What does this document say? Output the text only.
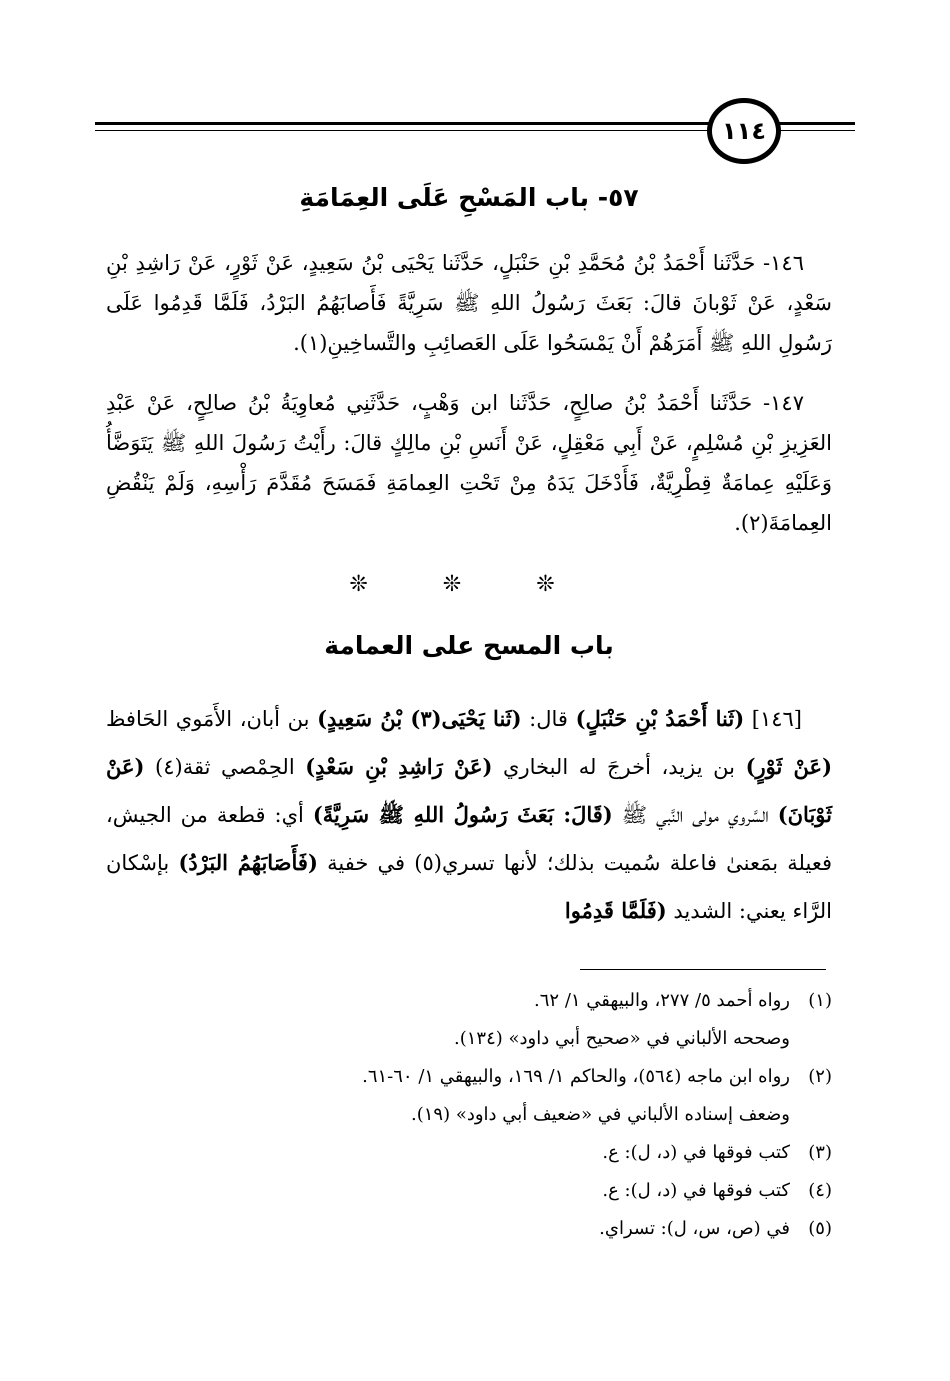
١١٤
٥٧- باب المَسْحِ عَلَى العِمَامَةِ

١٤٦- حَدَّثَنا أَحْمَدُ بْنُ مُحَمَّدِ بْنِ حَنْبَلٍ، حَدَّثَنا يَحْيَى بْنُ سَعِيدٍ، عَنْ ثَوْرٍ، عَنْ رَاشِدِ بْنِ سَعْدٍ، عَنْ ثَوْبانَ قالَ: بَعَثَ رَسُولُ اللهِ ﷺ سَرِيَّةً فَأَصابَهُمُ البَرْدُ، فَلَمَّا قَدِمُوا عَلَى رَسُولِ اللهِ ﷺ أَمَرَهُمْ أَنْ يَمْسَحُوا عَلَى العَصائِبِ والتَّساخِينِ(١).

١٤٧- حَدَّثَنا أَحْمَدُ بْنُ صالِحٍ، حَدَّثَنا ابن وَهْبٍ، حَدَّثَنِي مُعاوِيَةُ بْنُ صالِحٍ، عَنْ عَبْدِ العَزِيزِ بْنِ مُسْلِمٍ، عَنْ أَبِي مَعْقِلٍ، عَنْ أَنَسِ بْنِ مالِكٍ قالَ: رأَيْتُ رَسُولَ اللهِ ﷺ يَتَوَضَّأُ وَعَلَيْهِ عِمامَةٌ قِطْرِيَّةٌ، فَأَدْخَلَ يَدَهُ مِنْ تَحْتِ العِمامَةِ فَمَسَحَ مُقَدَّمَ رَأْسِهِ، وَلَمْ يَنْقُضِ العِمامَةَ(٢).

❊ ❊ ❊
باب المسح على العمامة

[١٤٦] (ثَنا أَحْمَدُ بْنِ حَنْبَلٍ) قال: (ثَنا يَحْيَى(٣) بْنُ سَعِيدٍ) بن أبان، الأَمَوي الحَافظ (عَنْ ثَوْرٍ) بن يزيد، أخرجَ له البخاري (عَنْ رَاشِدِ بْنِ سَعْدٍ) الحِمْصي ثقة(٤) (عَنْ ثَوْبَانَ) السَّروي مولى النَّبي ﷺ (قَالَ: بَعَثَ رَسُولُ اللهِ ﷺ سَرِيَّةً) أي: قطعة من الجيش، فعيلة بمَعنىٰ فاعلة سُميت بذلك؛ لأنها تسري(٥) في خفية (فَأَصَابَهُمُ البَرْدُ) بإسْكان الرَّاء يعني: الشديد (فَلَمَّا قَدِمُوا

(١)رواه أحمد ٥/ ٢٧٧، والبيهقي ١/ ٦٢.

وصححه الألباني في «صحيح أبي داود» (١٣٤).

(٢)رواه ابن ماجه (٥٦٤)، والحاكم ١/ ١٦٩، والبيهقي ١/ ٦٠-٦١.

وضعف إسناده الألباني في «ضعيف أبي داود» (١٩).

(٣)كتب فوقها في (د، ل): ع.

(٤)كتب فوقها في (د، ل): ع.

(٥)في (ص، س، ل): تسراي.
